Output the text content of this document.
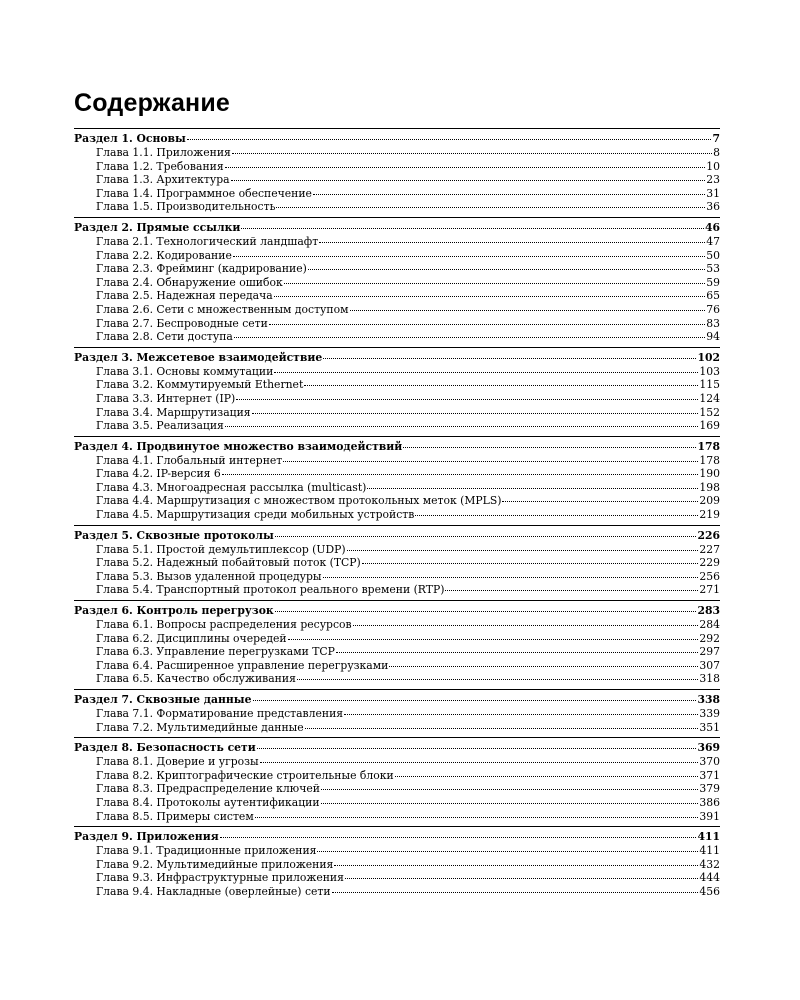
Содержание
Раздел 1. Основы	7
Глава 1.1. Приложения	8
Глава 1.2. Требования	10
Глава 1.3. Архитектура	23
Глава 1.4. Программное обеспечение	31
Глава 1.5. Производительность	36
Раздел 2. Прямые ссылки	46
Глава 2.1. Технологический ландшафт	47
Глава 2.2. Кодирование	50
Глава 2.3. Фрейминг (кадрирование)	53
Глава 2.4. Обнаружение ошибок	59
Глава 2.5. Надежная передача	65
Глава 2.6. Сети с множественным доступом	76
Глава 2.7. Беспроводные сети	83
Глава 2.8. Сети доступа	94
Раздел 3. Межсетевое взаимодействие	102
Глава 3.1. Основы коммутации	103
Глава 3.2. Коммутируемый Ethernet	115
Глава 3.3. Интернет (IP)	124
Глава 3.4. Маршрутизация	152
Глава 3.5. Реализация	169
Раздел 4. Продвинутое множество взаимодействий	178
Глава 4.1. Глобальный интернет	178
Глава 4.2. IP-версия 6	190
Глава 4.3. Многоадресная рассылка (multicast)	198
Глава 4.4. Маршрутизация с множеством протокольных меток (MPLS)	209
Глава 4.5. Маршрутизация среди мобильных устройств	219
Раздел 5. Сквозные протоколы	226
Глава 5.1. Простой демультиплексор (UDP)	227
Глава 5.2. Надежный побайтовый поток (TCP)	229
Глава 5.3. Вызов удаленной процедуры	256
Глава 5.4. Транспортный протокол реального времени (RTP)	271
Раздел 6. Контроль перегрузок	283
Глава 6.1. Вопросы распределения ресурсов	284
Глава 6.2. Дисциплины очередей	292
Глава 6.3. Управление перегрузками TCP	297
Глава 6.4. Расширенное управление перегрузками	307
Глава 6.5. Качество обслуживания	318
Раздел 7. Сквозные данные	338
Глава 7.1. Форматирование представления	339
Глава 7.2. Мультимедийные данные	351
Раздел 8. Безопасность сети	369
Глава 8.1. Доверие и угрозы	370
Глава 8.2. Криптографические строительные блоки	371
Глава 8.3. Предраспределение ключей	379
Глава 8.4. Протоколы аутентификации	386
Глава 8.5. Примеры систем	391
Раздел 9. Приложения	411
Глава 9.1. Традиционные приложения	411
Глава 9.2. Мультимедийные приложения	432
Глава 9.3. Инфраструктурные приложения	444
Глава 9.4. Накладные (оверлейные) сети	456
